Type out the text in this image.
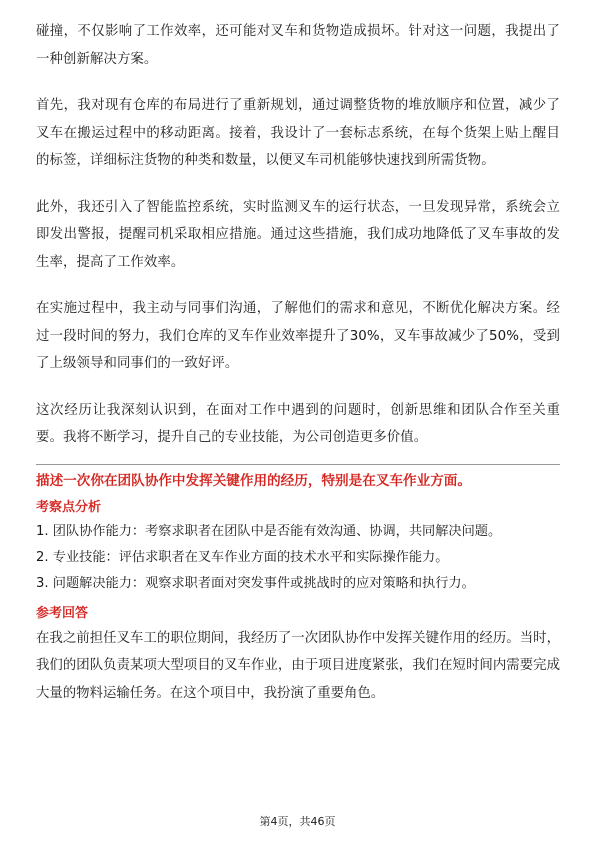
碰撞，不仅影响了工作效率，还可能对叉车和货物造成损坏。针对这一问题，我提出了一种创新解决方案。

首先，我对现有仓库的布局进行了重新规划，通过调整货物的堆放顺序和位置，减少了叉车在搬运过程中的移动距离。接着，我设计了一套标志系统，在每个货架上贴上醒目的标签，详细标注货物的种类和数量，以便叉车司机能够快速找到所需货物。

此外，我还引入了智能监控系统，实时监测叉车的运行状态，一旦发现异常，系统会立即发出警报，提醒司机采取相应措施。通过这些措施，我们成功地降低了叉车事故的发生率，提高了工作效率。

在实施过程中，我主动与同事们沟通，了解他们的需求和意见，不断优化解决方案。经过一段时间的努力，我们仓库的叉车作业效率提升了30%，叉车事故减少了50%，受到了上级领导和同事们的一致好评。

这次经历让我深刻认识到，在面对工作中遇到的问题时，创新思维和团队合作至关重要。我将不断学习，提升自己的专业技能，为公司创造更多价值。

描述一次你在团队协作中发挥关键作用的经历，特别是在叉车作业方面。

考察点分析

1. 团队协作能力：考察求职者在团队中是否能有效沟通、协调，共同解决问题。

2. 专业技能：评估求职者在叉车作业方面的技术水平和实际操作能力。

3. 问题解决能力：观察求职者面对突发事件或挑战时的应对策略和执行力。

参考回答

在我之前担任叉车工的职位期间，我经历了一次团队协作中发挥关键作用的经历。当时，我们的团队负责某项大型项目的叉车作业，由于项目进度紧张，我们在短时间内需要完成大量的物料运输任务。在这个项目中，我扮演了重要角色。

第4页，共46页
